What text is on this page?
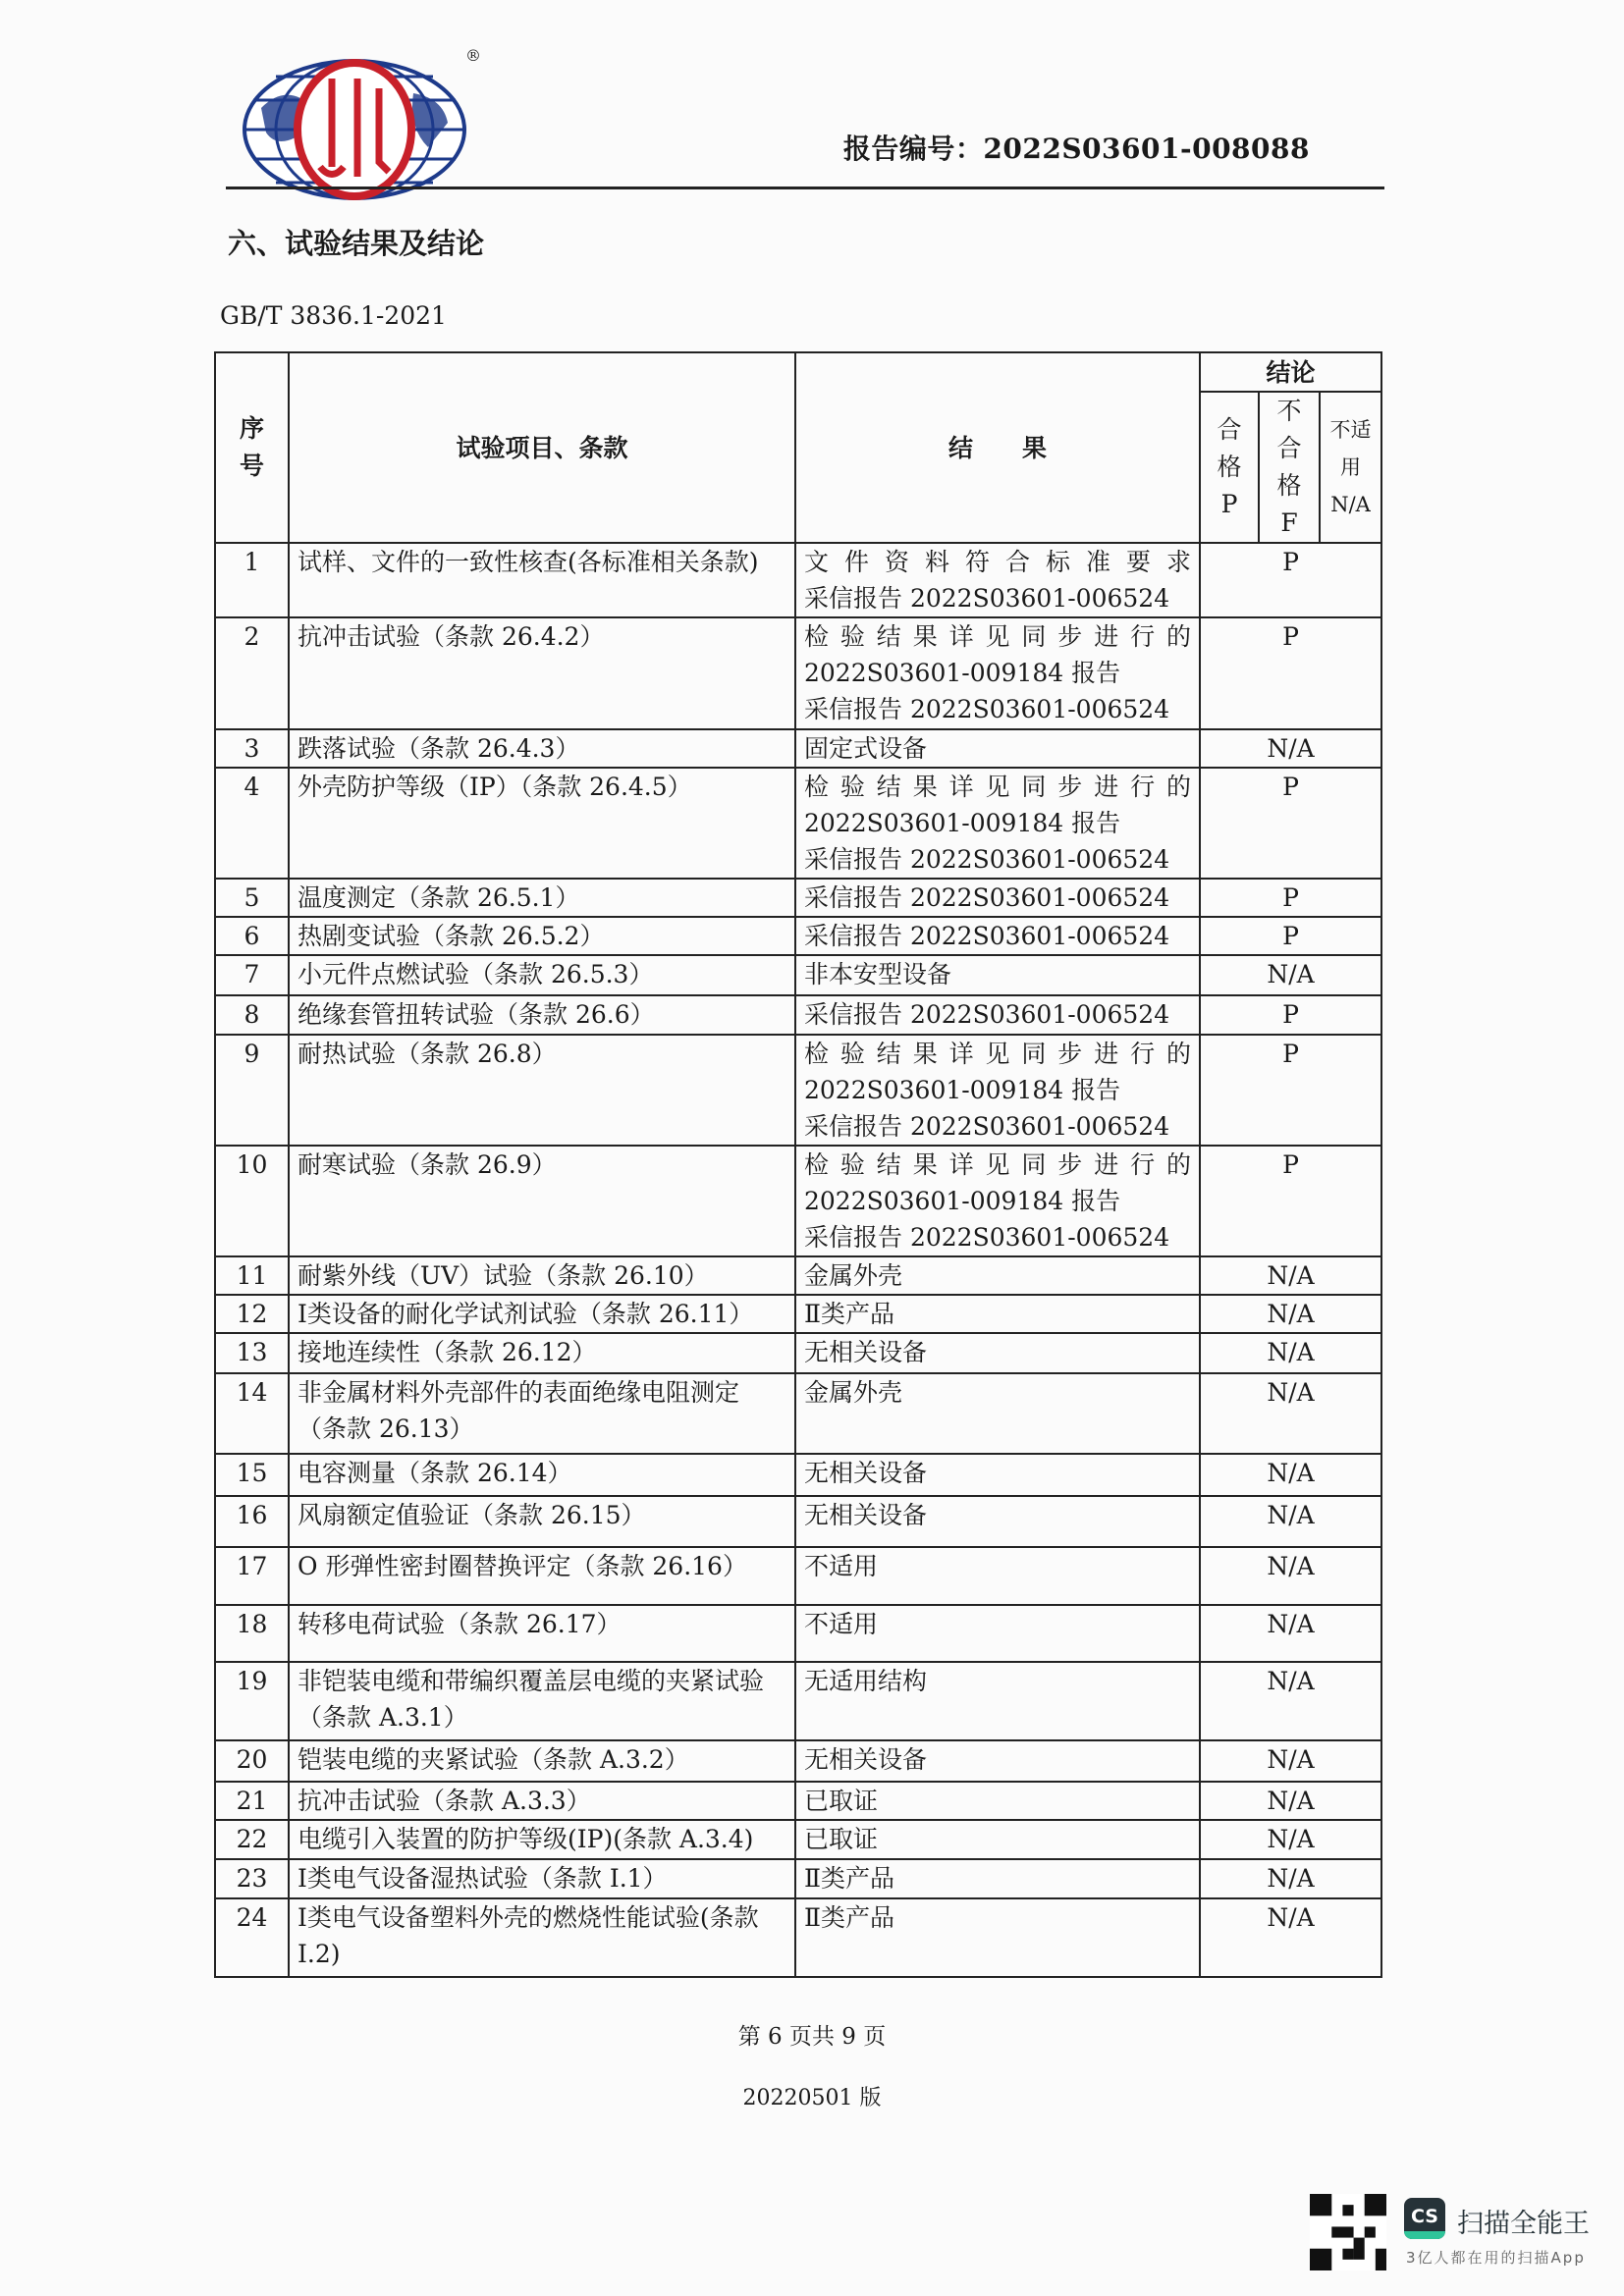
®
报告编号：2022S03601-008088
六、试验结果及结论
GB/T 3836.1-2021
序号	试验项目、条款	结　　果	结论		
			合格P	不合格F	不适用N/A
1	试样、文件的一致性核查(各标准相关条款)	文件资料符合标准要求
采信报告 2022S03601-006524	P		
2	抗冲击试验（条款 26.4.2）	检验结果详见同步进行的
2022S03601-009184 报告
采信报告 2022S03601-006524	P		
3	跌落试验（条款 26.4.3）	固定式设备	N/A		
4	外壳防护等级（IP）（条款 26.4.5）	检验结果详见同步进行的
2022S03601-009184 报告
采信报告 2022S03601-006524	P		
5	温度测定（条款 26.5.1）	采信报告 2022S03601-006524	P		
6	热剧变试验（条款 26.5.2）	采信报告 2022S03601-006524	P		
7	小元件点燃试验（条款 26.5.3）	非本安型设备	N/A		
8	绝缘套管扭转试验（条款 26.6）	采信报告 2022S03601-006524	P		
9	耐热试验（条款 26.8）	检验结果详见同步进行的
2022S03601-009184 报告
采信报告 2022S03601-006524	P		
10	耐寒试验（条款 26.9）	检验结果详见同步进行的
2022S03601-009184 报告
采信报告 2022S03601-006524	P		
11	耐紫外线（UV）试验（条款 26.10）	金属外壳	N/A		
12	Ⅰ类设备的耐化学试剂试验（条款 26.11）	Ⅱ类产品	N/A		
13	接地连续性（条款 26.12）	无相关设备	N/A		
14	非金属材料外壳部件的表面绝缘电阻测定（条款 26.13）	金属外壳	N/A		
15	电容测量（条款 26.14）	无相关设备	N/A		
16	风扇额定值验证（条款 26.15）	无相关设备	N/A		
17	O 形弹性密封圈替换评定（条款 26.16）	不适用	N/A		
18	转移电荷试验（条款 26.17）	不适用	N/A		
19	非铠装电缆和带编织覆盖层电缆的夹紧试验（条款 A.3.1）	无适用结构	N/A		
20	铠装电缆的夹紧试验（条款 A.3.2）	无相关设备	N/A		
21	抗冲击试验（条款 A.3.3）	已取证	N/A		
22	电缆引入装置的防护等级(IP)(条款 A.3.4)	已取证	N/A		
23	Ⅰ类电气设备湿热试验（条款 I.1）	Ⅱ类产品	N/A		
24	Ⅰ类电气设备塑料外壳的燃烧性能试验(条款 I.2)	Ⅱ类产品	N/A		
第 6 页共 9 页
20220501 版
CS 扫描全能王
3亿人都在用的扫描App
